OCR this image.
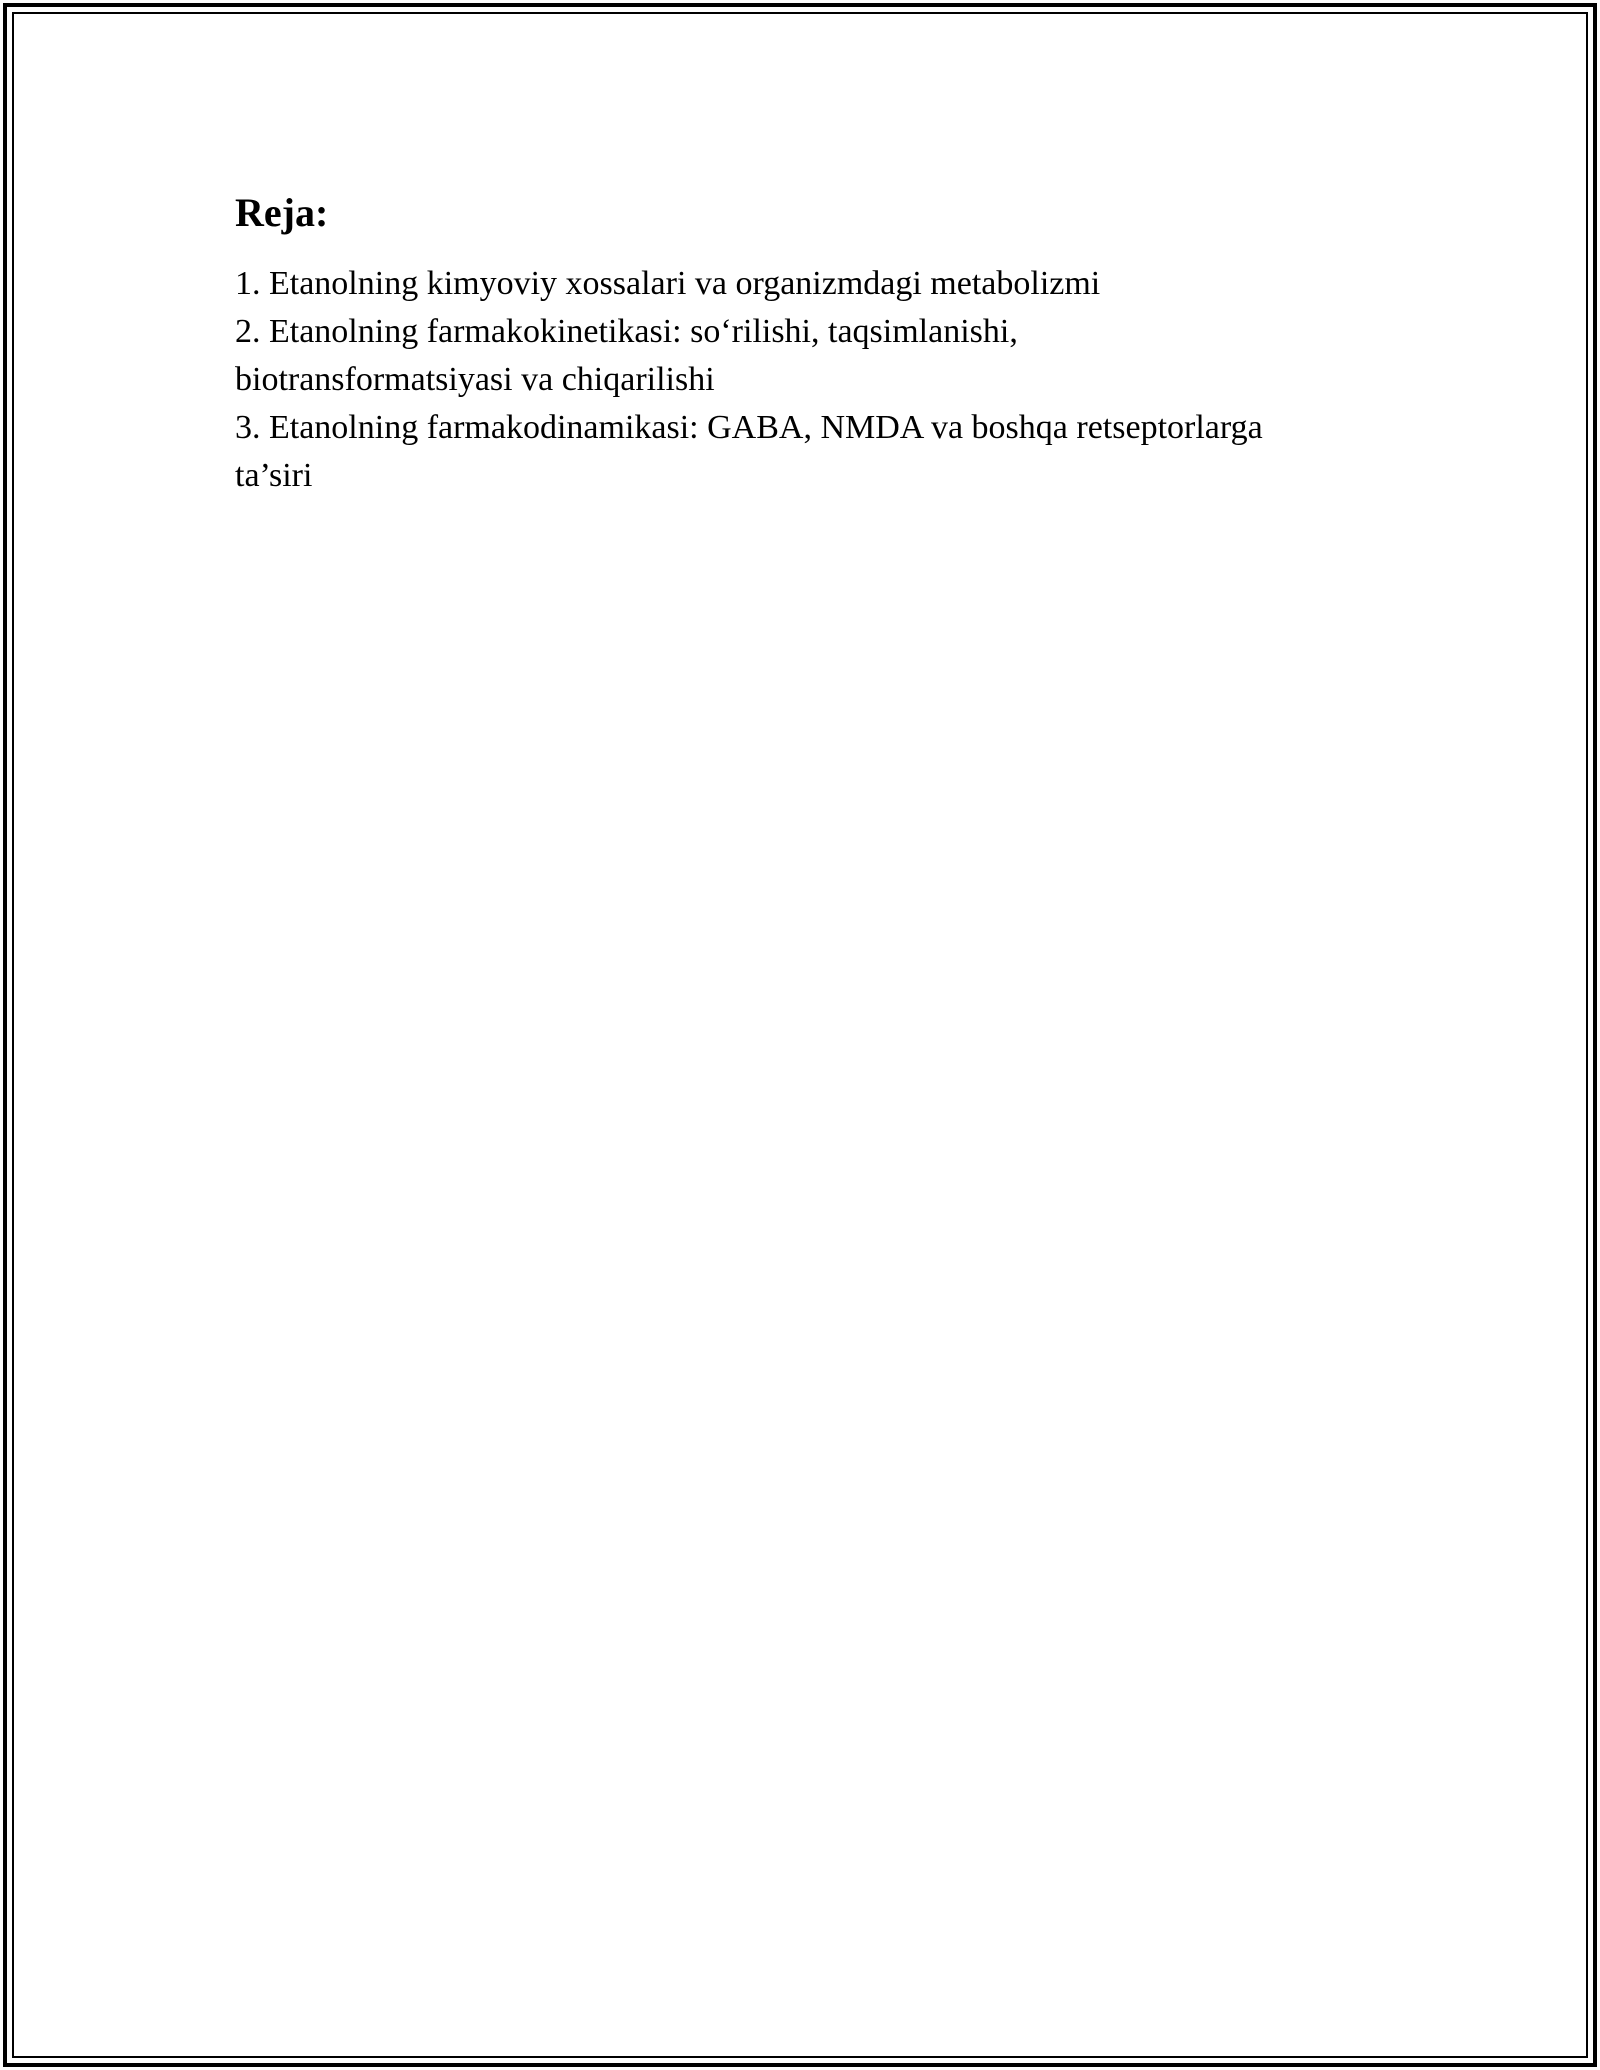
Reja:
1. Etanolning kimyoviy xossalari va organizmdagi metabolizmi
2. Etanolning farmakokinetikasi: so‘rilishi, taqsimlanishi,
biotransformatsiyasi va chiqarilishi
3. Etanolning farmakodinamikasi: GABA, NMDA va boshqa retseptorlarga
ta’siri
